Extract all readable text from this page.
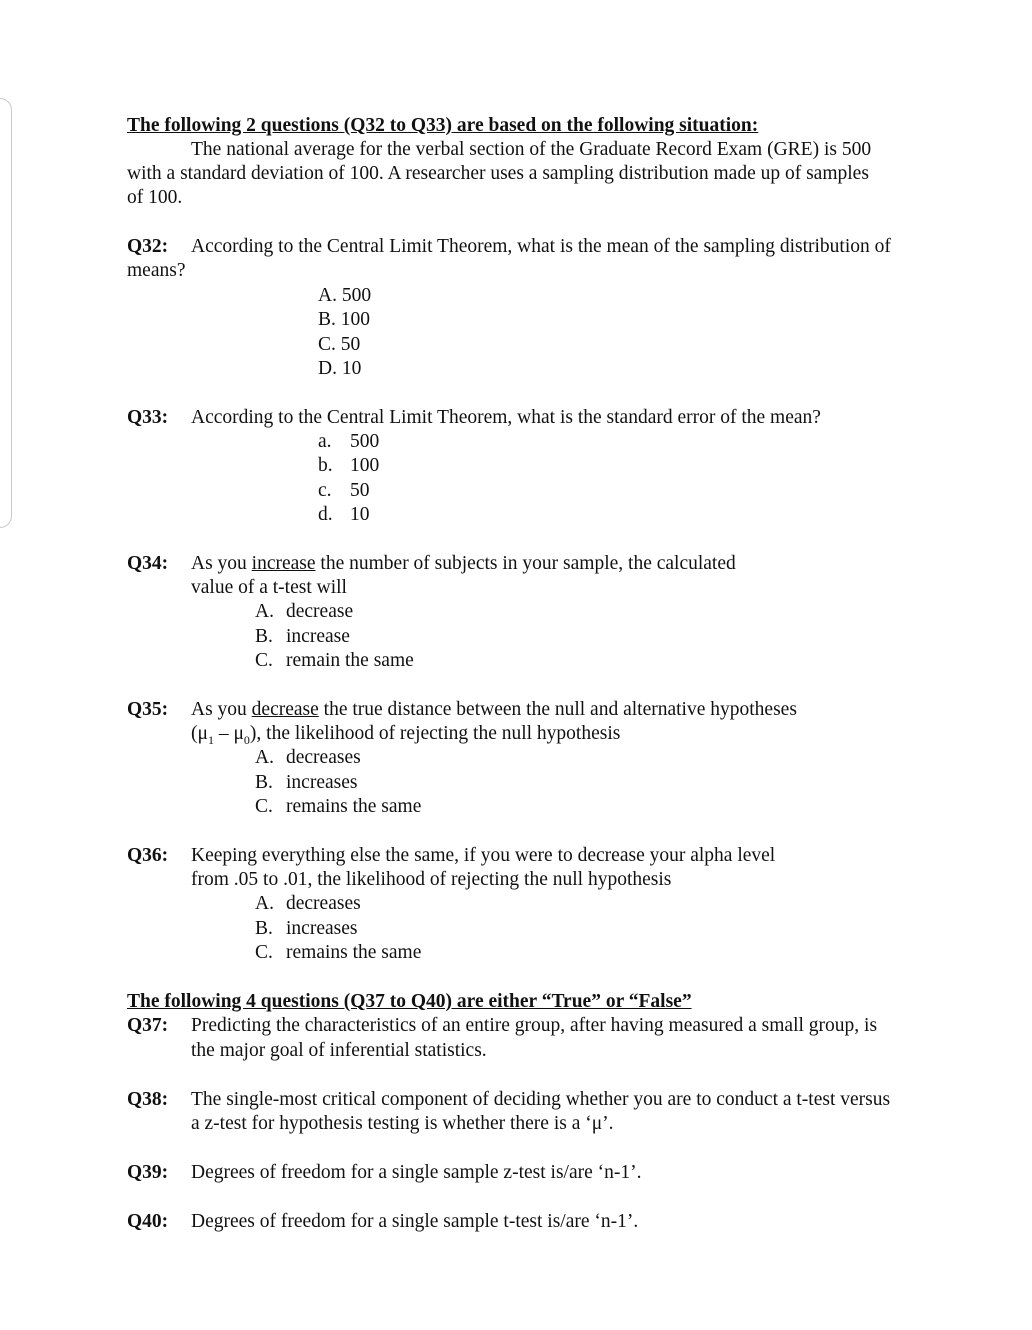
The following 2 questions (Q32 to Q33) are based on the following situation:
The national average for the verbal section of the Graduate Record Exam (GRE) is 500
with a standard deviation of 100. A researcher uses a sampling distribution made up of samples
of 100.
Q32: According to the Central Limit Theorem, what is the mean of the sampling distribution of
means?
A. 500
B. 100
C. 50
D. 10
Q33: According to the Central Limit Theorem, what is the standard error of the mean?
a. 500
b. 100
c. 50
d. 10
Q34: As you increase the number of subjects in your sample, the calculated
value of a t-test will
A. decrease
B. increase
C. remain the same
Q35: As you decrease the true distance between the null and alternative hypotheses
$(\mu_1 - \mu_0)$, the likelihood of rejecting the null hypothesis
A. decreases
B. increases
C. remains the same
Q36: Keeping everything else the same, if you were to decrease your alpha level
from .05 to .01, the likelihood of rejecting the null hypothesis
A. decreases
B. increases
C. remains the same
The following 4 questions (Q37 to Q40) are either “True” or “False”
Q37: Predicting the characteristics of an entire group, after having measured a small group, is
the major goal of inferential statistics.
Q38: The single-most critical component of deciding whether you are to conduct a t-test versus
a z-test for hypothesis testing is whether there is a ‘μ’.
Q39: Degrees of freedom for a single sample z-test is/are ‘n-1’.
Q40: Degrees of freedom for a single sample t-test is/are ‘n-1’.
